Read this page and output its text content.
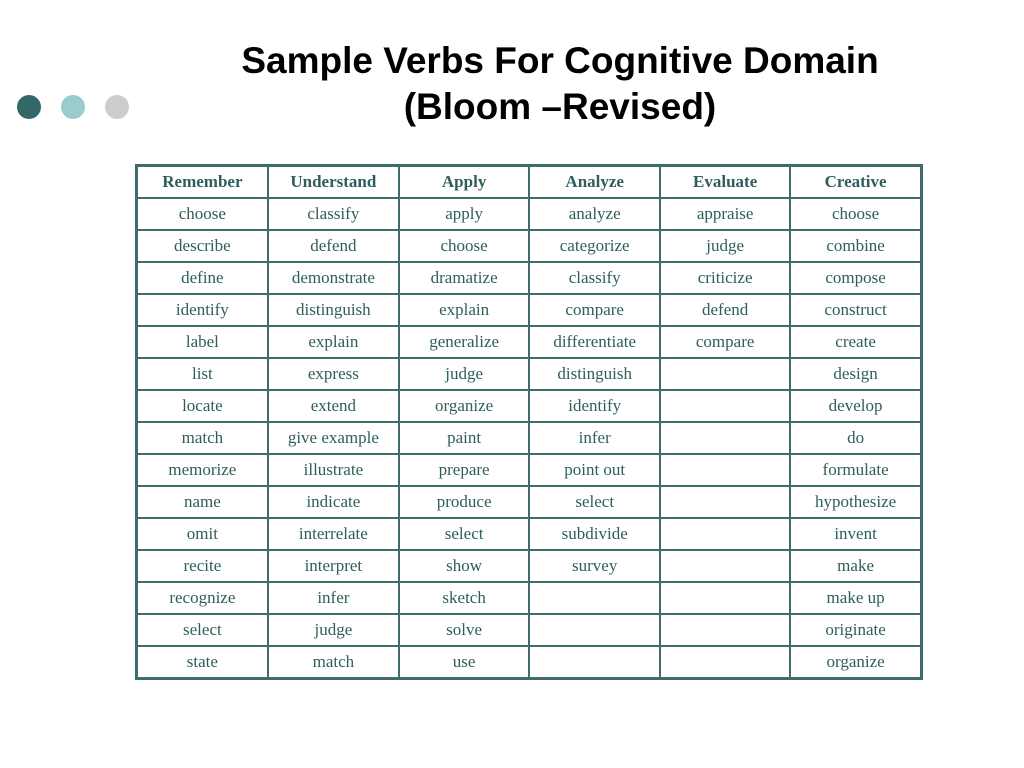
Sample Verbs For Cognitive Domain
(Bloom –Revised)
Remember	Understand	Apply	Analyze	Evaluate	Creative
choose	classify	apply	analyze	appraise	choose
describe	defend	choose	categorize	judge	combine
define	demonstrate	dramatize	classify	criticize	compose
identify	distinguish	explain	compare	defend	construct
label	explain	generalize	differentiate	compare	create
list	express	judge	distinguish		design
locate	extend	organize	identify		develop
match	give example	paint	infer		do
memorize	illustrate	prepare	point out		formulate
name	indicate	produce	select		hypothesize
omit	interrelate	select	subdivide		invent
recite	interpret	show	survey		make
recognize	infer	sketch			make up
select	judge	solve			originate
state	match	use			organize
